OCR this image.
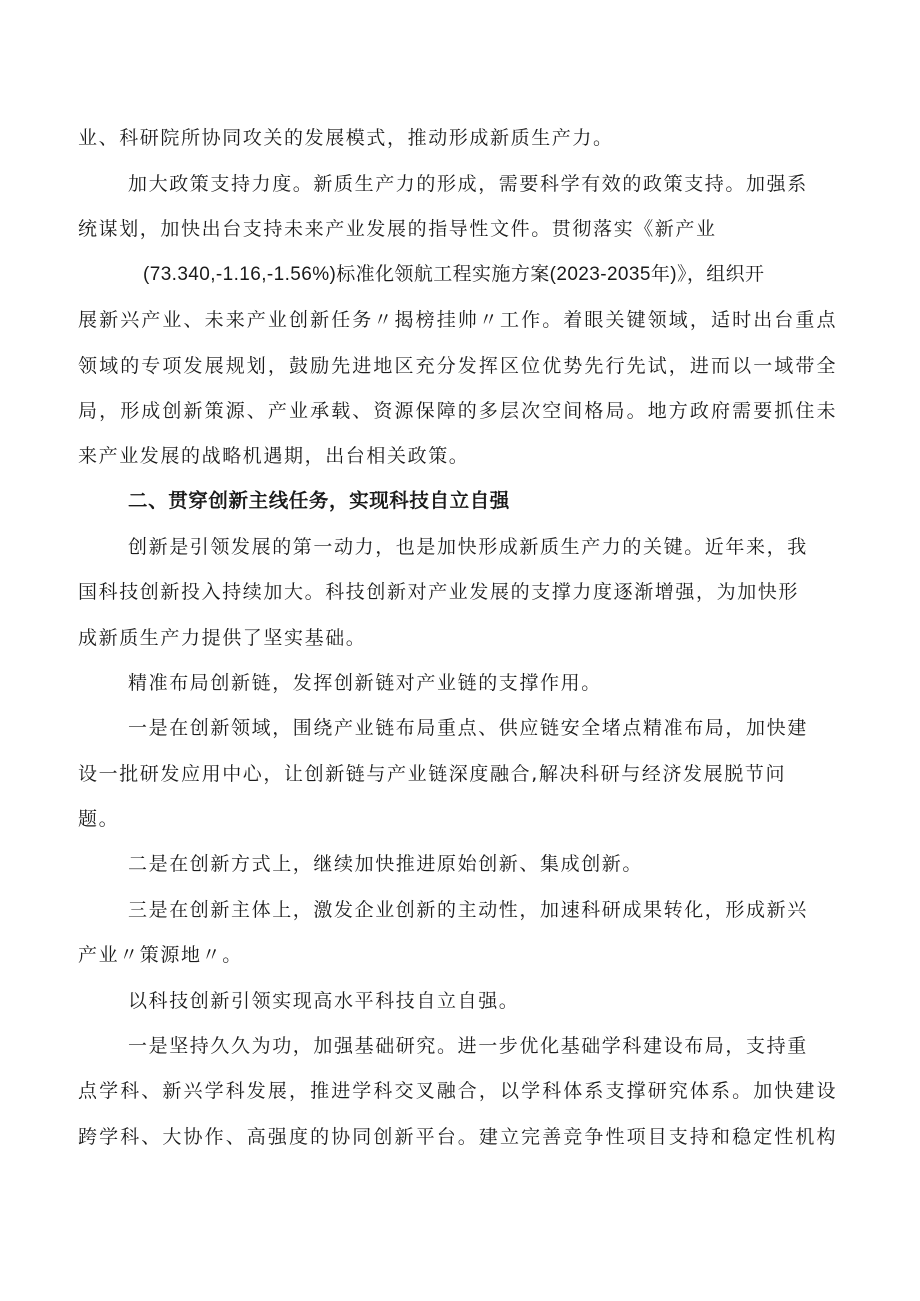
业、科研院所协同攻关的发展模式，推动形成新质生产力。
加大政策支持力度。新质生产力的形成，需要科学有效的政策支持。加强系
统谋划，加快出台支持未来产业发展的指导性文件。贯彻落实《新产业
(73.340,-1.16,-1.56%)标准化领航工程实施方案(2023-2035年)》，组织开
展新兴产业、未来产业创新任务〃揭榜挂帅〃工作。着眼关键领域，适时出台重点
领域的专项发展规划，鼓励先进地区充分发挥区位优势先行先试，进而以一域带全
局，形成创新策源、产业承载、资源保障的多层次空间格局。地方政府需要抓住未
来产业发展的战略机遇期，出台相关政策。
二、贯穿创新主线任务，实现科技自立自强
创新是引领发展的第一动力，也是加快形成新质生产力的关键。近年来，我
国科技创新投入持续加大。科技创新对产业发展的支撑力度逐渐增强，为加快形
成新质生产力提供了坚实基础。
精准布局创新链，发挥创新链对产业链的支撑作用。
一是在创新领域，围绕产业链布局重点、供应链安全堵点精准布局，加快建
设一批研发应用中心，让创新链与产业链深度融合,解决科研与经济发展脱节问
题。
二是在创新方式上，继续加快推进原始创新、集成创新。
三是在创新主体上，激发企业创新的主动性，加速科研成果转化，形成新兴
产业〃策源地〃。
以科技创新引领实现高水平科技自立自强。
一是坚持久久为功，加强基础研究。进一步优化基础学科建设布局，支持重
点学科、新兴学科发展，推进学科交叉融合，以学科体系支撑研究体系。加快建设
跨学科、大协作、高强度的协同创新平台。建立完善竞争性项目支持和稳定性机构
